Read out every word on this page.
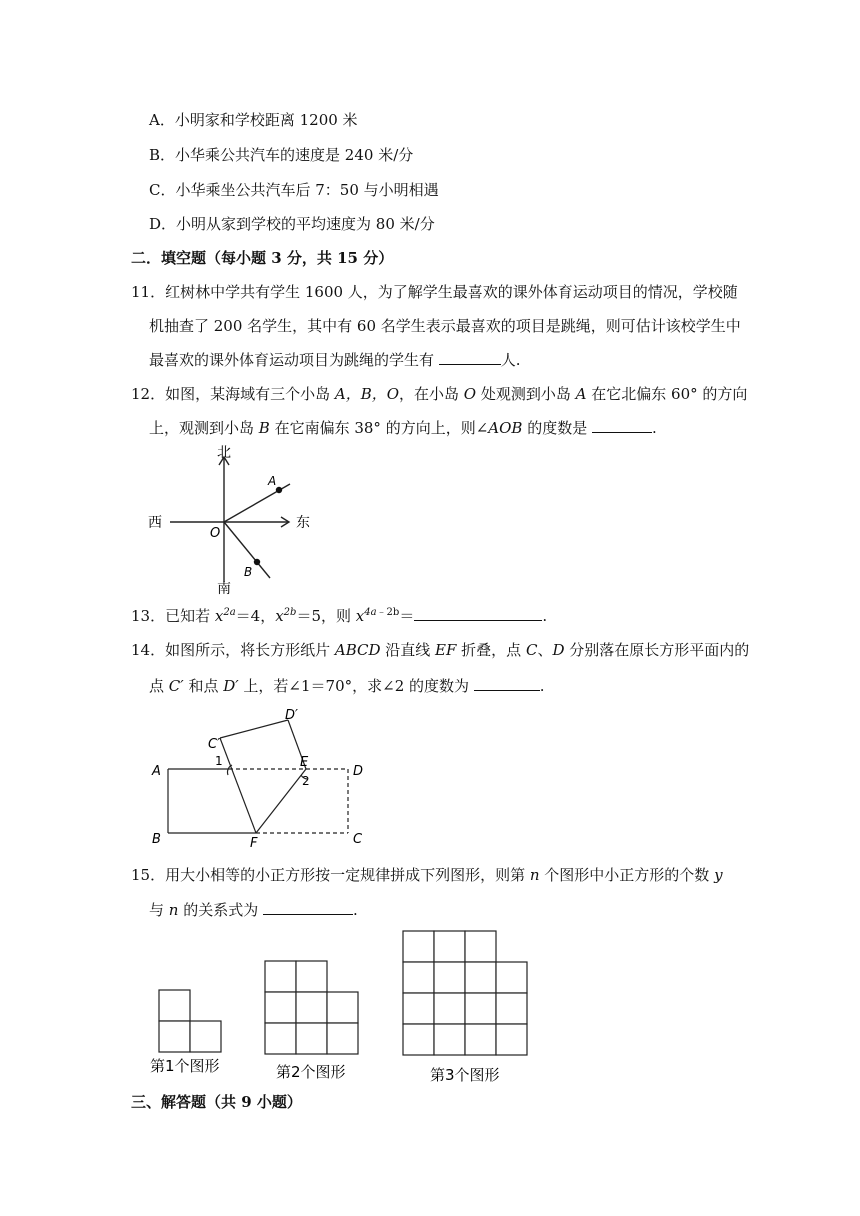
A．小明家和学校距离 1200 米
B．小华乘公共汽车的速度是 240 米/分
C．小华乘坐公共汽车后 7：50 与小明相遇
D．小明从家到学校的平均速度为 80 米/分
二．填空题（每小题 3 分，共 15 分）
11．红树林中学共有学生 1600 人，为了解学生最喜欢的课外体育运动项目的情况，学校随
机抽查了 200 名学生，其中有 60 名学生表示最喜欢的项目是跳绳，则可估计该校学生中
最喜欢的课外体育运动项目为跳绳的学生有	人.
12．如图，某海域有三个小岛 A，B，O，在小岛 O 处观测到小岛 A 在它北偏东 60° 的方向
上，观测到小岛 B 在它南偏东 38° 的方向上，则∠AOB 的度数是	.
北
南
西	东
O
A
B
13．已知若 $x^{2a}=4$，$x^{2b}=5$，则 $x^{4a﹣2b}=$	.
14．如图所示，将长方形纸片 ABCD 沿直线 EF 折叠，点 C、D 分别落在原长方形平面内的
点 C′ 和点 D′ 上，若∠1＝70°，求∠2 的度数为	.
A
B	C
D
E
F
C′
D′
1
2
15．用大小相等的小正方形按一定规律拼成下列图形，则第 n 个图形中小正方形的个数 y
与 n 的关系式为	.
第1个图形	第2个图形	第3个图形
三、解答题（共 9 小题）
